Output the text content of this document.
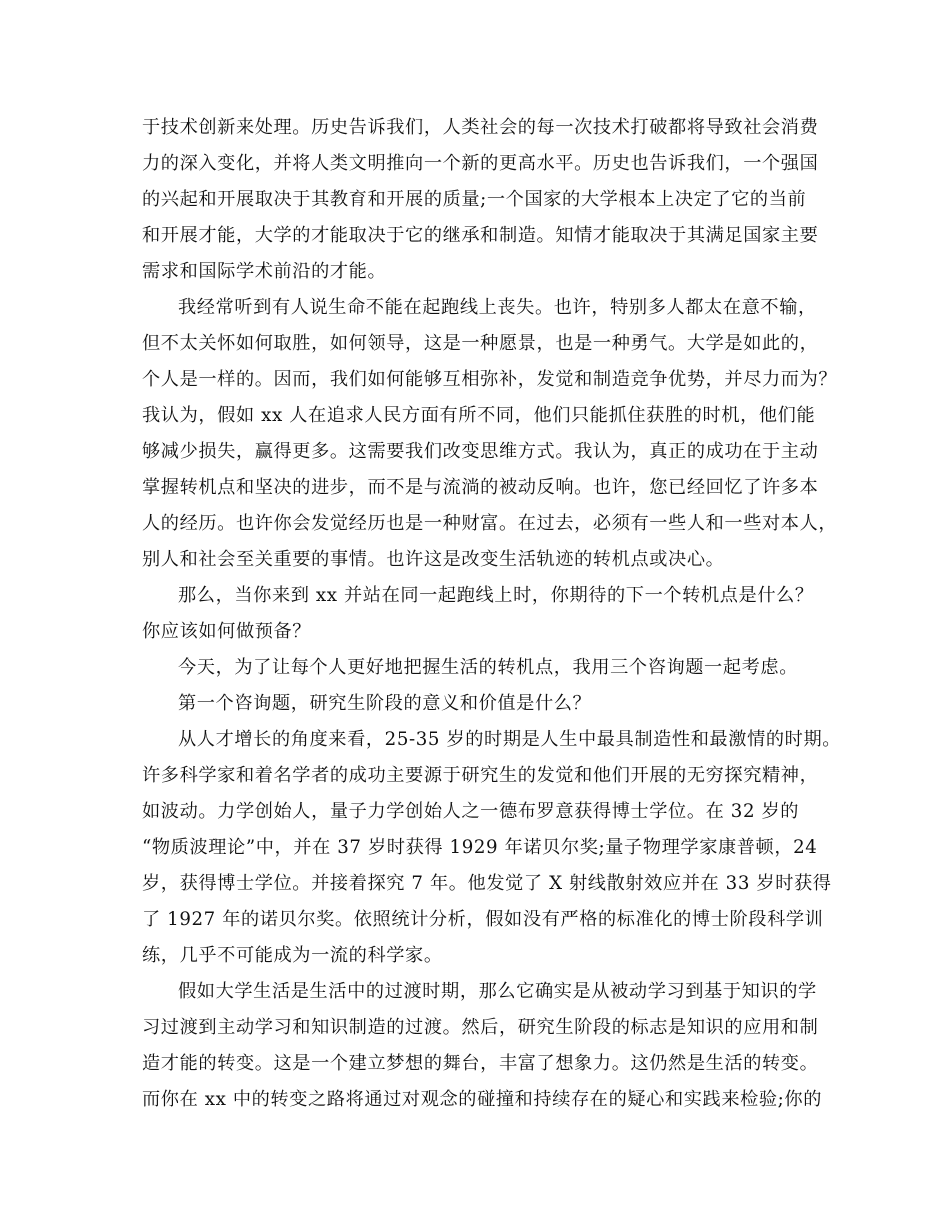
于技术创新来处理。历史告诉我们，人类社会的每一次技术打破都将导致社会消费
力的深入变化，并将人类文明推向一个新的更高水平。历史也告诉我们，一个强国
的兴起和开展取决于其教育和开展的质量;一个国家的大学根本上决定了它的当前
和开展才能，大学的才能取决于它的继承和制造。知情才能取决于其满足国家主要
需求和国际学术前沿的才能。
我经常听到有人说生命不能在起跑线上丧失。也许，特别多人都太在意不输，
但不太关怀如何取胜，如何领导，这是一种愿景，也是一种勇气。大学是如此的，
个人是一样的。因而，我们如何能够互相弥补，发觉和制造竞争优势，并尽力而为？
我认为，假如 xx 人在追求人民方面有所不同，他们只能抓住获胜的时机，他们能
够减少损失，赢得更多。这需要我们改变思维方式。我认为，真正的成功在于主动
掌握转机点和坚决的进步，而不是与流淌的被动反响。也许，您已经回忆了许多本
人的经历。也许你会发觉经历也是一种财富。在过去，必须有一些人和一些对本人，
别人和社会至关重要的事情。也许这是改变生活轨迹的转机点或决心。
那么，当你来到 xx 并站在同一起跑线上时，你期待的下一个转机点是什么？
你应该如何做预备？
今天，为了让每个人更好地把握生活的转机点，我用三个咨询题一起考虑。
第一个咨询题，研究生阶段的意义和价值是什么？
从人才增长的角度来看，25-35 岁的时期是人生中最具制造性和最激情的时期。
许多科学家和着名学者的成功主要源于研究生的发觉和他们开展的无穷探究精神，
如波动。力学创始人，量子力学创始人之一德布罗意获得博士学位。在 32 岁的
“物质波理论”中，并在 37 岁时获得 1929 年诺贝尔奖;量子物理学家康普顿，24
岁，获得博士学位。并接着探究 7 年。他发觉了 X 射线散射效应并在 33 岁时获得
了 1927 年的诺贝尔奖。依照统计分析，假如没有严格的标准化的博士阶段科学训
练，几乎不可能成为一流的科学家。
假如大学生活是生活中的过渡时期，那么它确实是从被动学习到基于知识的学
习过渡到主动学习和知识制造的过渡。然后，研究生阶段的标志是知识的应用和制
造才能的转变。这是一个建立梦想的舞台，丰富了想象力。这仍然是生活的转变。
而你在 xx 中的转变之路将通过对观念的碰撞和持续存在的疑心和实践来检验;你的
